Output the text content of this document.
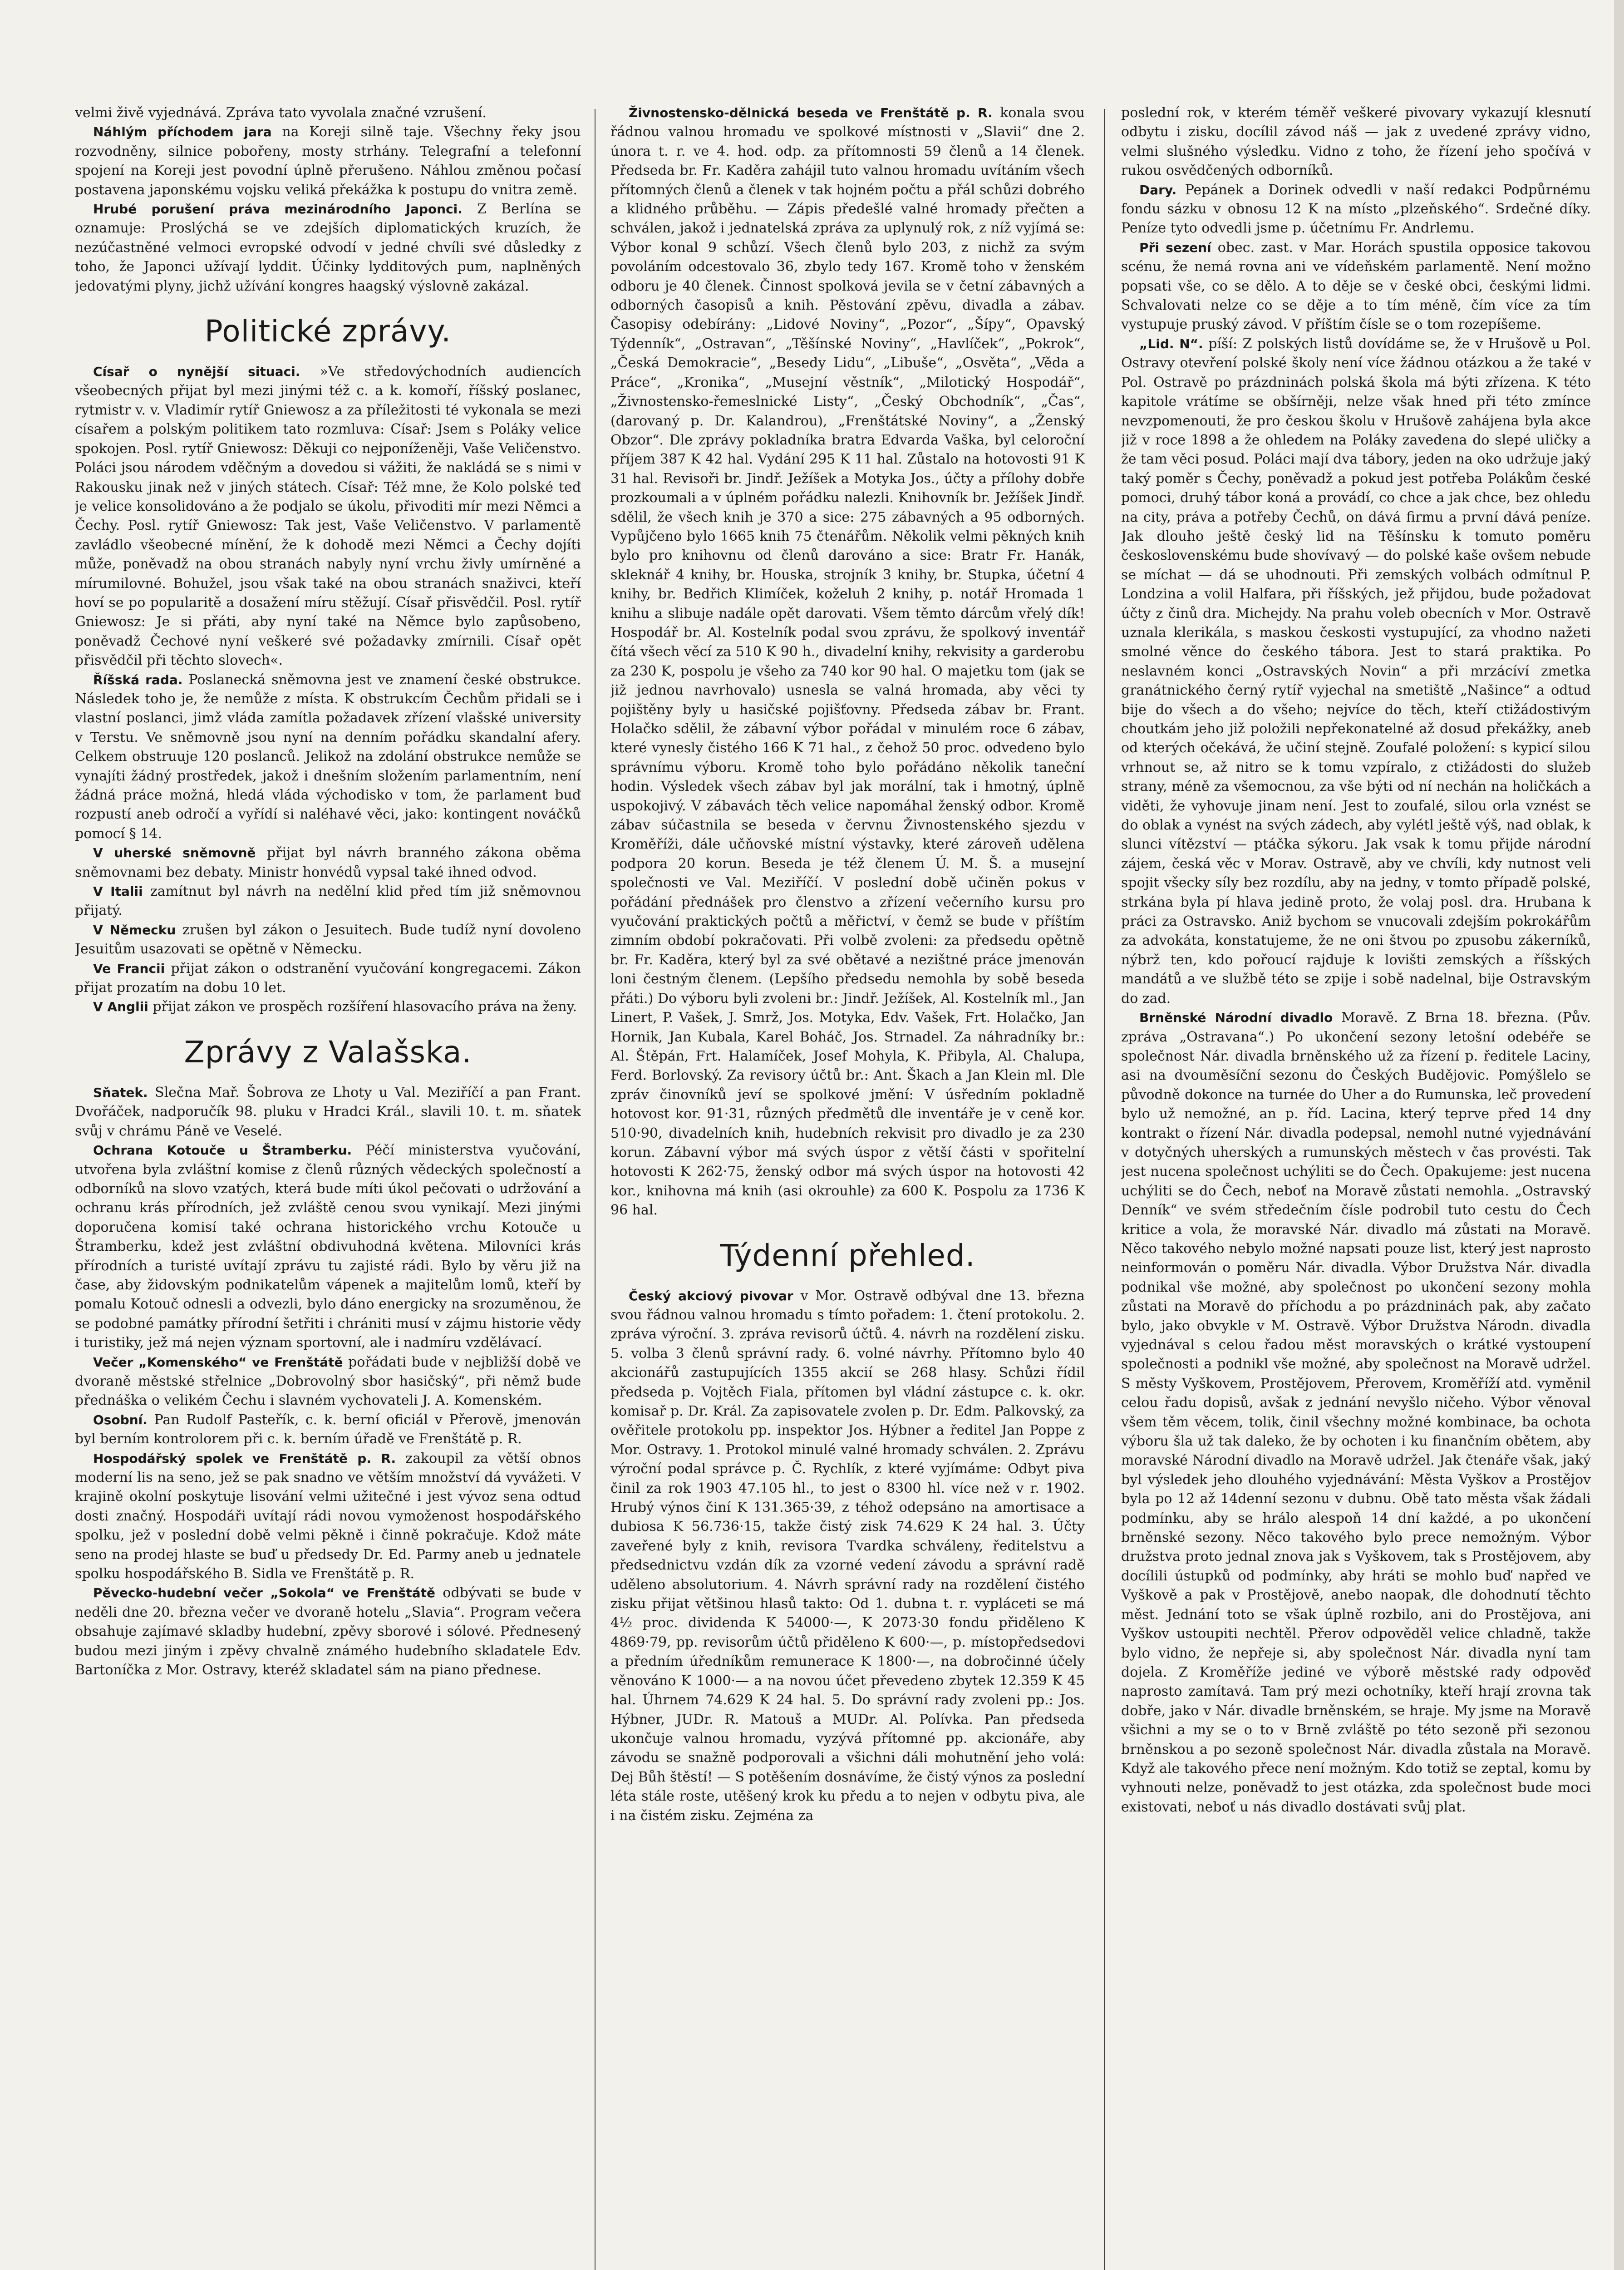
velmi živě vyjednává. Zpráva tato vyvolala značné vzrušení.

Náhlým příchodem jara na Koreji silně taje. Všechny řeky jsou rozvodněny, silnice pobořeny, mosty strhány. Telegrafní a telefonní spojení na Koreji jest povodní úplně přerušeno. Náhlou změnou počasí postavena japonskému vojsku veliká překážka k postupu do vnitra země.

Hrubé porušení práva mezinárodního Japonci. Z Berlína se oznamuje: Proslýchá se ve zdejších diplomatických kruzích, že nezúčastněné velmoci evropské odvodí v jedné chvíli své důsledky z toho, že Japonci užívají lyddit. Účinky lydditových pum, naplněných jedovatými plyny, jichž užívání kongres haagský výslovně zakázal.

Politické zprávy.

Císař o nynější situaci. »Ve středovýchodních audiencích všeobecných přijat byl mezi jinými též c. a k. komoří, říšský poslanec, rytmistr v. v. Vladimír rytíř Gniewosz a za příležitosti té vykonala se mezi císařem a polským politikem tato rozmluva: Císař: Jsem s Poláky velice spokojen. Posl. rytíř Gniewosz: Děkuji co nejponíženěji, Vaše Veličenstvo. Poláci jsou národem vděčným a dovedou si vážiti, že nakládá se s nimi v Rakousku jinak než v jiných státech. Císař: Též mne, že Kolo polské teď je velice konsolidováno a že podjalo se úkolu, přivoditi mír mezi Němci a Čechy. Posl. rytíř Gniewosz: Tak jest, Vaše Veličenstvo. V parlamentě zavládlo všeobecné mínění, že k dohodě mezi Němci a Čechy dojíti může, poněvadž na obou stranách nabyly nyní vrchu živly umírněné a mírumilovné. Bohužel, jsou však také na obou stranách snaživci, kteří hoví se po popularitě a dosažení míru stěžují. Císař přisvědčil. Posl. rytíř Gniewosz: Je si přáti, aby nyní také na Němce bylo zapůsobeno, poněvadž Čechové nyní veškeré své požadavky zmírnili. Císař opět přisvědčil při těchto slovech«.

Říšská rada. Poslanecká sněmovna jest ve znamení české obstrukce. Následek toho je, že nemůže z místa. K obstrukcím Čechům přidali se i vlastní poslanci, jimž vláda zamítla požadavek zřízení vlašské university v Terstu. Ve sněmovně jsou nyní na denním pořádku skandalní afery. Celkem obstruuje 120 poslanců. Jelikož na zdolání obstrukce nemůže se vynajíti žádný prostředek, jakož i dnešním složením parlamentním, není žádná práce možná, hledá vláda východisko v tom, že parlament buď rozpustí aneb odročí a vyřídí si naléhavé věci, jako: kontingent nováčků pomocí § 14.

V uherské sněmovně přijat byl návrh branného zákona oběma sněmovnami bez debaty. Ministr honvédů vypsal také ihned odvod.

V Italii zamítnut byl návrh na nedělní klid před tím již sněmovnou přijatý.

V Německu zrušen byl zákon o Jesuitech. Bude tudíž nyní dovoleno Jesuitům usazovati se opětně v Německu.

Ve Francii přijat zákon o odstranění vyučování kongregacemi. Zákon přijat prozatím na dobu 10 let.

V Anglii přijat zákon ve prospěch rozšíření hlasovacího práva na ženy.

Zprávy z Valašska.

Sňatek. Slečna Mař. Šobrova ze Lhoty u Val. Meziříčí a pan Frant. Dvořáček, nadporučík 98. pluku v Hradci Král., slavili 10. t. m. sňatek svůj v chrámu Páně ve Veselé.

Ochrana Kotouče u Štramberku. Péčí ministerstva vyučování, utvořena byla zvláštní komise z členů různých vědeckých společností a odborníků na slovo vzatých, která bude míti úkol pečovati o udržování a ochranu krás přírodních, jež zvláště cenou svou vynikají. Mezi jinými doporučena komisí také ochrana historického vrchu Kotouče u Štramberku, kdež jest zvláštní obdivuhodná květena. Milovníci krás přírodních a turisté uvítají zprávu tu zajisté rádi. Bylo by věru již na čase, aby židovským podnikatelům vápenek a majitelům lomů, kteří by pomalu Kotouč odnesli a odvezli, bylo dáno energicky na srozuměnou, že se podobné památky přírodní šetřiti i chrániti musí v zájmu historie vědy i turistiky, jež má nejen význam sportovní, ale i nadmíru vzdělávací.

Večer „Komenského“ ve Frenštátě pořádati bude v nejbližší době ve dvoraně městské střelnice „Dobrovolný sbor hasičský“, při němž bude přednáška o velikém Čechu i slavném vychovateli J. A. Komenském.

Osobní. Pan Rudolf Pasteřík, c. k. berní oficiál v Přerově, jmenován byl berním kontrolorem při c. k. berním úřadě ve Frenštátě p. R.

Hospodářský spolek ve Frenštátě p. R. zakoupil za větší obnos moderní lis na seno, jež se pak snadno ve větším množství dá vyvážeti. V krajině okolní poskytuje lisování velmi užitečné i jest vývoz sena odtud dosti značný. Hospodáři uvítají rádi novou vymoženost hospodářského spolku, jež v poslední době velmi pěkně i činně pokračuje. Kdož máte seno na prodej hlaste se buď u předsedy Dr. Ed. Parmy aneb u jednatele spolku hospodářského B. Sidla ve Frenštátě p. R.

Pěvecko-hudební večer „Sokola“ ve Frenštátě odbývati se bude v neděli dne 20. března večer ve dvoraně hotelu „Slavia“. Program večera obsahuje zajímavé skladby hudební, zpěvy sborové i sólové. Přednesený budou mezi jiným i zpěvy chvalně známého hudebního skladatele Edv. Bartoníčka z Mor. Ostravy, kteréž skladatel sám na piano přednese.

Živnostensko-dělnická beseda ve Frenštátě p. R. konala svou řádnou valnou hromadu ve spolkové místnosti v „Slavii“ dne 2. února t. r. ve 4. hod. odp. za přítomnosti 59 členů a 14 členek. Předseda br. Fr. Kaděra zahájil tuto valnou hromadu uvítáním všech přítomných členů a členek v tak hojném počtu a přál schůzi dobrého a klidného průběhu. — Zápis předešlé valné hromady přečten a schválen, jakož i jednatelská zpráva za uplynulý rok, z níž vyjímá se: Výbor konal 9 schůzí. Všech členů bylo 203, z nichž za svým povoláním odcestovalo 36, zbylo tedy 167. Kromě toho v ženském odboru je 40 členek. Činnost spolková jevila se v četní zábavných a odborných časopisů a knih. Pěstování zpěvu, divadla a zábav. Časopisy odebírány: „Lidové Noviny“, „Pozor“, „Šípy“, Opavský Týdenník“, „Ostravan“, „Těšínské Noviny“, „Havlíček“, „Pokrok“, „Česká Demokracie“, „Besedy Lidu“, „Libuše“, „Osvěta“, „Věda a Práce“, „Kronika“, „Musejní věstník“, „Milotický Hospodář“, „Živnostensko-řemeslnické Listy“, „Český Obchodník“, „Čas“, (darovaný p. Dr. Kalandrou), „Frenštátské Noviny“, a „Ženský Obzor“. Dle zprávy pokladníka bratra Edvarda Vaška, byl celoroční příjem 387 K 42 hal. Vydání 295 K 11 hal. Zůstalo na hotovosti 91 K 31 hal. Revisoři br. Jindř. Ježíšek a Motyka Jos., účty a přílohy dobře prozkoumali a v úplném pořádku nalezli. Knihovník br. Ježíšek Jindř. sdělil, že všech knih je 370 a sice: 275 zábavných a 95 odborných. Vypůjčeno bylo 1665 knih 75 čtenářům. Několik velmi pěkných knih bylo pro knihovnu od členů darováno a sice: Bratr Fr. Hanák, skleknář 4 knihy, br. Houska, strojník 3 knihy, br. Stupka, účetní 4 knihy, br. Bedřich Klimíček, koželuh 2 knihy, p. notář Hromada 1 knihu a slibuje nadále opět darovati. Všem těmto dárcům vřelý dík! Hospodář br. Al. Kostelník podal svou zprávu, že spolkový inventář čítá všech věcí za 510 K 90 h., divadelní knihy, rekvisity a garderobu za 230 K, pospolu je všeho za 740 kor 90 hal. O majetku tom (jak se již jednou navrhovalo) usnesla se valná hromada, aby věci ty pojištěny byly u hasičské pojišťovny. Předseda zábav br. Frant. Holačko sdělil, že zábavní výbor pořádal v minulém roce 6 zábav, které vynesly čistého 166 K 71 hal., z čehož 50 proc. odvedeno bylo správnímu výboru. Kromě toho bylo pořádáno několik taneční hodin. Výsledek všech zábav byl jak morální, tak i hmotný, úplně uspokojivý. V zábavách těch velice napomáhal ženský odbor. Kromě zábav súčastnila se beseda v červnu Živnostenského sjezdu v Kroměříži, dále učňovské místní výstavky, které zároveň udělena podpora 20 korun. Beseda je též členem Ú. M. Š. a musejní společnosti ve Val. Meziříčí. V poslední době učiněn pokus v pořádání přednášek pro členstvo a zřízení večerního kursu pro vyučování praktických počtů a měřictví, v čemž se bude v příštím zimním období pokračovati. Při volbě zvoleni: za předsedu opětně br. Fr. Kaděra, který byl za své obětavé a nezištné práce jmenován loni čestným členem. (Lepšího předsedu nemohla by sobě beseda přáti.) Do výboru byli zvoleni br.: Jindř. Ježíšek, Al. Kostelník ml., Jan Linert, P. Vašek, J. Smrž, Jos. Motyka, Edv. Vašek, Frt. Holačko, Jan Hornik, Jan Kubala, Karel Boháč, Jos. Strnadel. Za náhradníky br.: Al. Štěpán, Frt. Halamíček, Josef Mohyla, K. Přibyla, Al. Chalupa, Ferd. Borlovský. Za revisory účtů br.: Ant. Škach a Jan Klein ml. Dle zpráv činovníků jeví se spolkové jmění: V úsředním pokladně hotovost kor. 91·31, různých předmětů dle inventáře je v ceně kor. 510·90, divadelních knih, hudebních rekvisit pro divadlo je za 230 korun. Zábavní výbor má svých úspor z větší části v spořitelní hotovosti K 262·75, ženský odbor má svých úspor na hotovosti 42 kor., knihovna má knih (asi okrouhle) za 600 K. Pospolu za 1736 K 96 hal.

Týdenní přehled.

Český akciový pivovar v Mor. Ostravě odbýval dne 13. března svou řádnou valnou hromadu s tímto pořadem: 1. čtení protokolu. 2. zpráva výroční. 3. zpráva revisorů účtů. 4. návrh na rozdělení zisku. 5. volba 3 členů správní rady. 6. volné návrhy. Přítomno bylo 40 akcionářů zastupujících 1355 akcií se 268 hlasy. Schůzi řídil předseda p. Vojtěch Fiala, přítomen byl vládní zástupce c. k. okr. komisař p. Dr. Král. Za zapisovatele zvolen p. Dr. Edm. Palkovský, za ověřitele protokolu pp. inspektor Jos. Hýbner a ředitel Jan Poppe z Mor. Ostravy. 1. Protokol minulé valné hromady schválen. 2. Zprávu výroční podal správce p. Č. Rychlík, z které vyjímáme: Odbyt piva činil za rok 1903 47.105 hl., to jest o 8300 hl. více než v r. 1902. Hrubý výnos činí K 131.365·39, z téhož odepsáno na amortisace a dubiosa K 56.736·15, takže čistý zisk 74.629 K 24 hal. 3. Účty zaveřené byly z knih, revisora Tvardka schváleny, ředitelstvu a předsednictvu vzdán dík za vzorné vedení závodu a správní radě uděleno absolutorium. 4. Návrh správní rady na rozdělení čistého zisku přijat většinou hlasů takto: Od 1. dubna t. r. vypláceti se má 4½ proc. dividenda K 54000·—, K 2073·30 fondu přiděleno K 4869·79, pp. revisorům účtů přiděleno K 600·—, p. místopředsedovi a předním úředníkům remunerace K 1800·—, na dobročinné účely věnováno K 1000·— a na novou účet převedeno zbytek 12.359 K 45 hal. Úhrnem 74.629 K 24 hal. 5. Do správní rady zvoleni pp.: Jos. Hýbner, JUDr. R. Matouš a MUDr. Al. Polívka. Pan předseda ukončuje valnou hromadu, vyzývá přítomné pp. akcionáře, aby závodu se snažně podporovali a všichni dáli mohutnění jeho volá: Dej Bůh štěstí! — S potěšením dosnávíme, že čistý výnos za poslední léta stále roste, utěšený krok ku předu a to nejen v odbytu piva, ale i na čistém zisku. Zejména za

poslední rok, v kterém téměř veškeré pivovary vykazují klesnutí odbytu i zisku, docílil závod náš — jak z uvedené zprávy vidno, velmi slušného výsledku. Vidno z toho, že řízení jeho spočívá v rukou osvědčených odborníků.

Dary. Pepánek a Dorinek odvedli v naší redakci Podpůrnému fondu sázku v obnosu 12 K na místo „plzeňského“. Srdečné díky. Peníze tyto odvedli jsme p. účetnímu Fr. Andrlemu.

Při sezení obec. zast. v Mar. Horách spustila opposice takovou scénu, že nemá rovna ani ve vídeňském parlamentě. Není možno popsati vše, co se dělo. A to děje se v české obci, českými lidmi. Schvalovati nelze co se děje a to tím méně, čím více za tím vystupuje pruský závod. V příštím čísle se o tom rozepíšeme.

„Lid. N“. píší: Z polských listů dovídáme se, že v Hrušově u Pol. Ostravy otevření polské školy není více žádnou otázkou a že také v Pol. Ostravě po prázdninách polská škola má býti zřízena. K této kapitole vrátíme se obšírněji, nelze však hned při této zmínce nevzpomenouti, že pro českou školu v Hrušově zahájena byla akce již v roce 1898 a že ohledem na Poláky zavedena do slepé uličky a že tam věci posud. Poláci mají dva tábory, jeden na oko udržuje jaký taký poměr s Čechy, poněvadž a pokud jest potřeba Polákům české pomoci, druhý tábor koná a provádí, co chce a jak chce, bez ohledu na city, práva a potřeby Čechů, on dává firmu a první dává peníze. Jak dlouho ještě český lid na Těšínsku k tomuto poměru československému bude shovívavý — do polské kaše ovšem nebude se míchat — dá se uhodnouti. Při zemských volbách odmítnul P. Londzina a volil Halfara, při říšských, jež přijdou, bude požadovat účty z činů dra. Michejdy. Na prahu voleb obecních v Mor. Ostravě uznala klerikála, s maskou českosti vystupující, za vhodno nažeti smolné věnce do českého tábora. Jest to stará praktika. Po neslavném konci „Ostravských Novin“ a při mrzácíví zmetka granátnického černý rytíř vyjechal na smetiště „Našince“ a odtud bije do všech a do všeho; nejvíce do těch, kteří ctižádostivým choutkám jeho již položili nepřekonatelné až dosud překážky, aneb od kterých očekává, že učiní stejně. Zoufalé položení: s kypicí silou vrhnout se, až nitro se k tomu vzpíralo, z ctižádosti do služeb strany, méně za všemocnou, za vše býti od ní nechán na holičkách a viděti, že vyhovuje jinam není. Jest to zoufalé, silou orla vznést se do oblak a vynést na svých zádech, aby vylétl ještě výš, nad oblak, k slunci vítězství — ptáčka sýkoru. Jak vsak k tomu přijde národní zájem, česká věc v Morav. Ostravě, aby ve chvíli, kdy nutnost veli spojit všecky síly bez rozdílu, aby na jedny, v tomto případě polské, strkána byla pí hlava jedině proto, že volaj posl. dra. Hrubana k práci za Ostravsko. Aniž bychom se vnucovali zdejším pokrokářům za advokáta, konstatujeme, že ne oni štvou po zpusobu zákerníků, nýbrž ten, kdo pořoucí rajduje k lovišti zemských a říšských mandátů a ve službě této se zpije i sobě nadelnal, bije Ostravským do zad.

Brněnské Národní divadlo Moravě. Z Brna 18. března. (Pův. zpráva „Ostravana“.) Po ukončení sezony letošní odebéře se společnost Nár. divadla brněnského už za řízení p. ředitele Laciny, asi na dvouměsíční sezonu do Českých Budějovic. Pomýšlelo se původně dokonce na turnée do Uher a do Rumunska, leč provedení bylo už nemožné, an p. říd. Lacina, který teprve před 14 dny kontrakt o řízení Nár. divadla podepsal, nemohl nutné vyjednávání v dotyčných uherských a rumunských městech v čas provésti. Tak jest nucena společnost uchýliti se do Čech. Opakujeme: jest nucena uchýliti se do Čech, neboť na Moravě zůstati nemohla. „Ostravský Denník“ ve svém středečním čísle podrobil tuto cestu do Čech kritice a vola, že moravské Nár. divadlo má zůstati na Moravě. Něco takového nebylo možné napsati pouze list, který jest naprosto neinformován o poměru Nár. divadla. Výbor Družstva Nár. divadla podnikal vše možné, aby společnost po ukončení sezony mohla zůstati na Moravě do příchodu a po prázdninách pak, aby začato bylo, jako obvykle v M. Ostravě. Výbor Družstva Národn. divadla vyjednával s celou řadou měst moravských o krátké vystoupení společnosti a podnikl vše možné, aby společnost na Moravě udržel. S městy Vyškovem, Prostějovem, Přerovem, Kroměříží atd. vyměnil celou řadu dopisů, avšak z jednání nevyšlo ničeho. Výbor věnoval všem těm věcem, tolik, činil všechny možné kombinace, ba ochota výboru šla už tak daleko, že by ochoten i ku finančním obětem, aby moravské Národní divadlo na Moravě udržel. Jak čtenáře však, jaký byl výsledek jeho dlouhého vyjednávání: Města Vyškov a Prostějov byla po 12 až 14denní sezonu v dubnu. Obě tato města však žádali podmínku, aby se hrálo alespoň 14 dní každé, a po ukončení brněnské sezony. Něco takového bylo prece nemožným. Výbor družstva proto jednal znova jak s Vyškovem, tak s Prostějovem, aby docílili ústupků od podmínky, aby hráti se mohlo buď napřed ve Vyškově a pak v Prostějově, anebo naopak, dle dohodnutí těchto měst. Jednání toto se však úplně rozbilo, ani do Prostějova, ani Vyškov ustoupiti nechtěl. Přerov odpověděl velice chladně, takže bylo vidno, že nepřeje si, aby společnost Nár. divadla nyní tam dojela. Z Kroměříže jediné ve výborě městské rady odpověď naprosto zamítavá. Tam prý mezi ochotníky, kteří hrají zrovna tak dobře, jako v Nár. divadle brněnském, se hraje. My jsme na Moravě všichni a my se o to v Brně zvláště po této sezoně při sezonou brněnskou a po sezoně společnost Nár. divadla zůstala na Moravě. Když ale takového přece není možným. Kdo totiž se zeptal, komu by vyhnouti nelze, poněvadž to jest otázka, zda společnost bude moci existovati, neboť u nás divadlo dostávati svůj plat.
